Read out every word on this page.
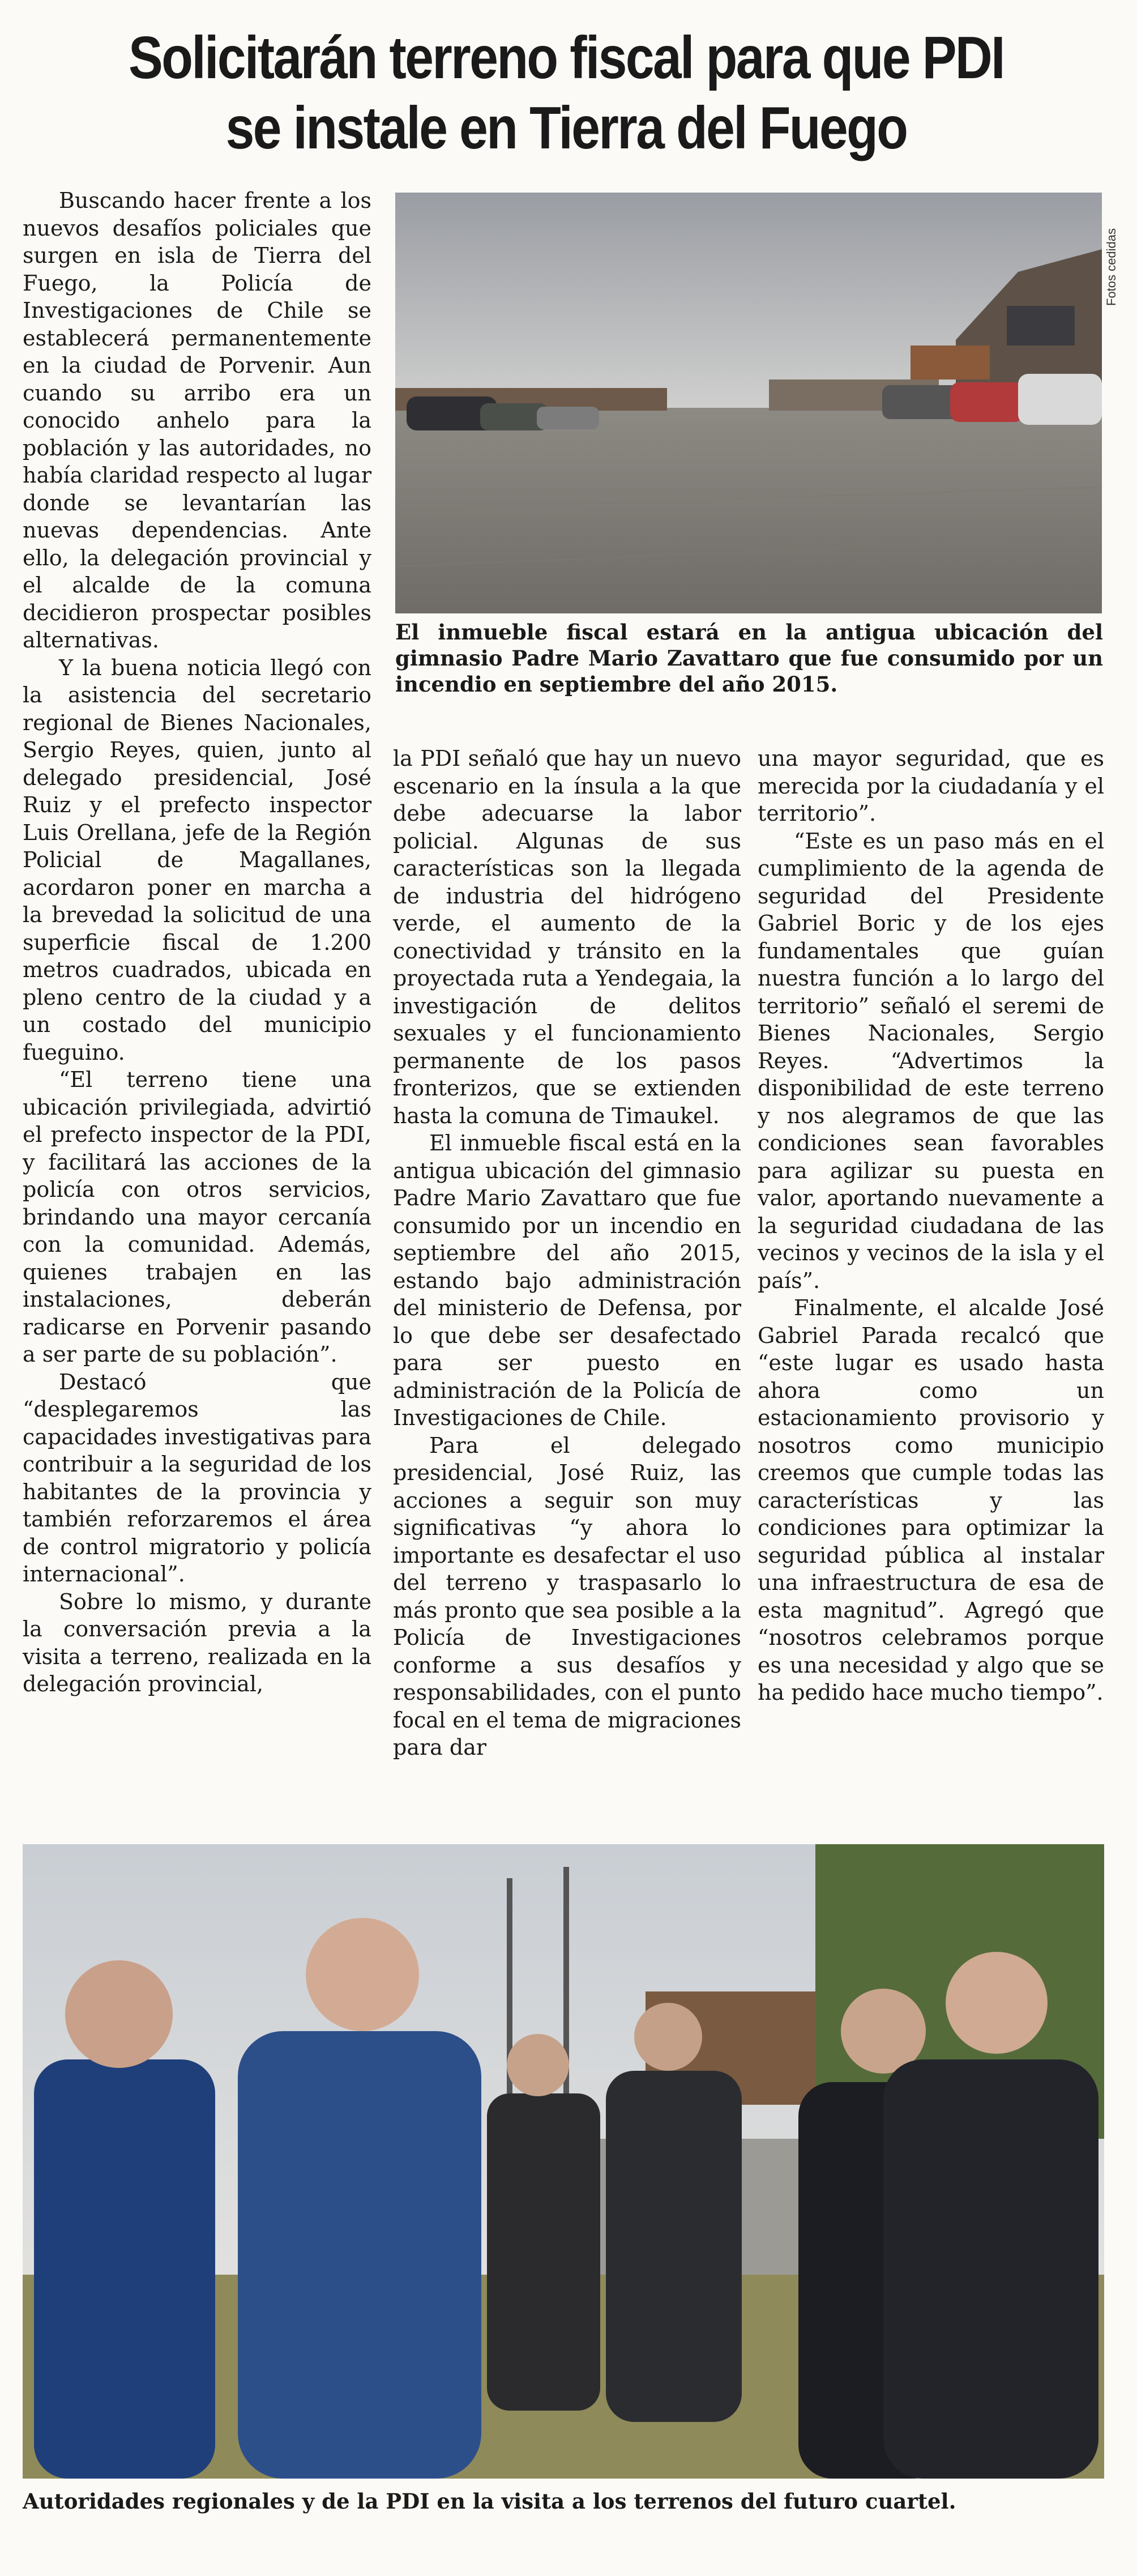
Solicitarán terreno fiscal para que PDI
se instale en Tierra del Fuego

Buscando hacer frente a los nuevos desafíos policiales que surgen en isla de Tierra del Fuego, la Policía de Investigaciones de Chile se establecerá permanentemente en la ciudad de Porvenir. Aun cuando su arribo era un conocido anhelo para la población y las autoridades, no había claridad respecto al lugar donde se levantarían las nuevas dependencias. Ante ello, la delegación provincial y el alcalde de la comuna decidieron prospectar posibles alternativas.

Y la buena noticia llegó con la asistencia del secretario regional de Bienes Nacionales, Sergio Reyes, quien, junto al delegado presidencial, José Ruiz y el prefecto inspector Luis Orellana, jefe de la Región Policial de Magallanes, acordaron poner en marcha a la brevedad la solicitud de una superficie fiscal de 1.200 metros cuadrados, ubicada en pleno centro de la ciudad y a un costado del municipio fueguino.

“El terreno tiene una ubicación privilegiada, advirtió el prefecto inspector de la PDI, y facilitará las acciones de la policía con otros servicios, brindando una mayor cercanía con la comunidad. Además, quienes trabajen en las instalaciones, deberán radicarse en Porvenir pasando a ser parte de su población”.

Destacó que “desplegaremos las capacidades investigativas para contribuir a la seguridad de los habitantes de la provincia y también reforzaremos el área de control migratorio y policía internacional”.

Sobre lo mismo, y durante la conversación previa a la visita a terreno, realizada en la delegación provincial,

Fotos cedidas
El inmueble fiscal estará en la antigua ubicación del gimnasio Padre Mario Zavattaro que fue consumido por un incendio en septiembre del año 2015.

la PDI señaló que hay un nuevo escenario en la ínsula a la que debe adecuarse la labor policial. Algunas de sus características son la llegada de industria del hidrógeno verde, el aumento de la conectividad y tránsito en la proyectada ruta a Yendegaia, la investigación de delitos sexuales y el funcionamiento permanente de los pasos fronterizos, que se extienden hasta la comuna de Timaukel.

El inmueble fiscal está en la antigua ubicación del gimnasio Padre Mario Zavattaro que fue consumido por un incendio en septiembre del año 2015, estando bajo administración del ministerio de Defensa, por lo que debe ser desafectado para ser puesto en administración de la Policía de Investigaciones de Chile.

Para el delegado presidencial, José Ruiz, las acciones a seguir son muy significativas “y ahora lo importante es desafectar el uso del terreno y traspasarlo lo más pronto que sea posible a la Policía de Investigaciones conforme a sus desafíos y responsabilidades, con el punto focal en el tema de migraciones para dar

una mayor seguridad, que es merecida por la ciudadanía y el territorio”.

“Este es un paso más en el cumplimiento de la agenda de seguridad del Presidente Gabriel Boric y de los ejes fundamentales que guían nuestra función a lo largo del territorio” señaló el seremi de Bienes Nacionales, Sergio Reyes. “Advertimos la disponibilidad de este terreno y nos alegramos de que las condiciones sean favorables para agilizar su puesta en valor, aportando nuevamente a la seguridad ciudadana de las vecinos y vecinos de la isla y el país”.

Finalmente, el alcalde José Gabriel Parada recalcó que “este lugar es usado hasta ahora como un estacionamiento provisorio y nosotros como municipio creemos que cumple todas las características y las condiciones para optimizar la seguridad pública al instalar una infraestructura de esa de esta magnitud”. Agregó que “nosotros celebramos porque es una necesidad y algo que se ha pedido hace mucho tiempo”.

Autoridades regionales y de la PDI en la visita a los terrenos del futuro cuartel.
